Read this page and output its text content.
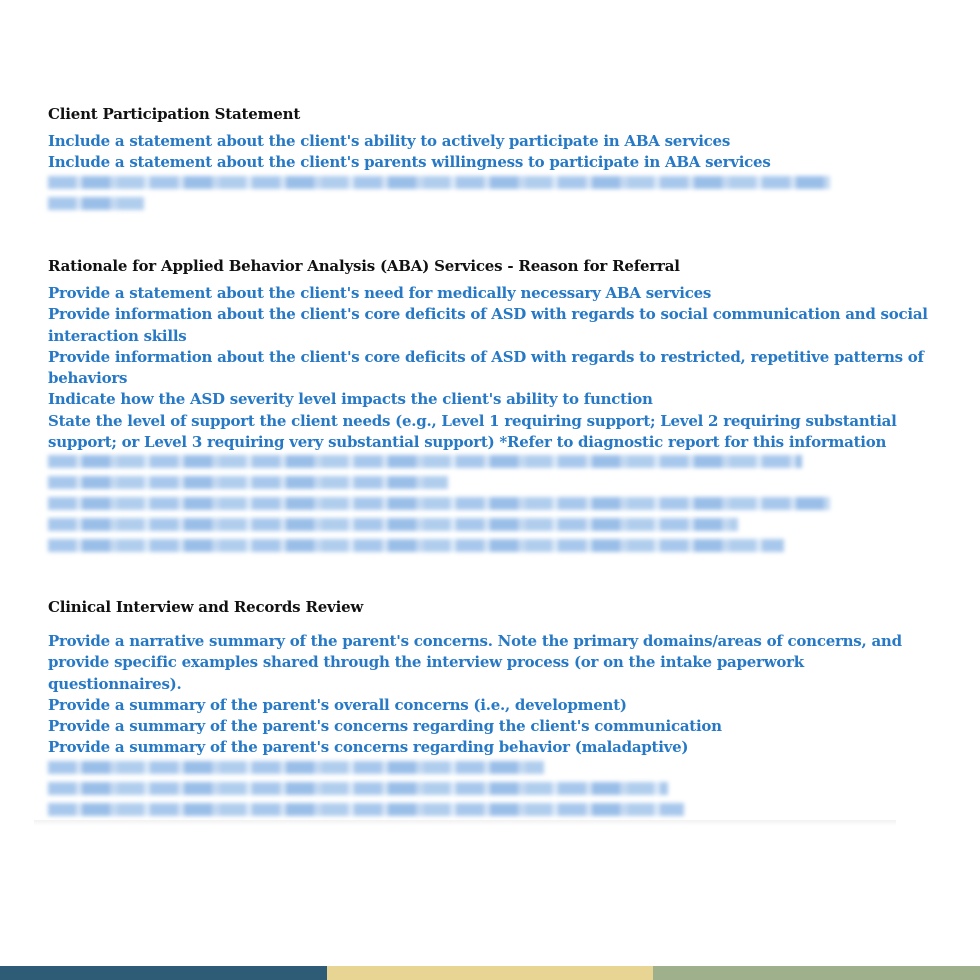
Client Participation Statement
Include a statement about the client's ability to actively participate in ABA services
Include a statement about the client's parents willingness to participate in ABA services
Rationale for Applied Behavior Analysis (ABA) Services - Reason for Referral
Provide a statement about the client's need for medically necessary ABA services
Provide information about the client's core deficits of ASD with regards to social communication and social
interaction skills
Provide information about the client's core deficits of ASD with regards to restricted, repetitive patterns of
behaviors
Indicate how the ASD severity level impacts the client's ability to function
State the level of support the client needs (e.g., Level 1 requiring support; Level 2 requiring substantial
support; or Level 3 requiring very substantial support) *Refer to diagnostic report for this information
Clinical Interview and Records Review
Provide a narrative summary of the parent's concerns. Note the primary domains/areas of concerns, and
provide specific examples shared through the interview process (or on the intake paperwork
questionnaires).
Provide a summary of the parent's overall concerns (i.e., development)
Provide a summary of the parent's concerns regarding the client's communication
Provide a summary of the parent's concerns regarding behavior (maladaptive)
